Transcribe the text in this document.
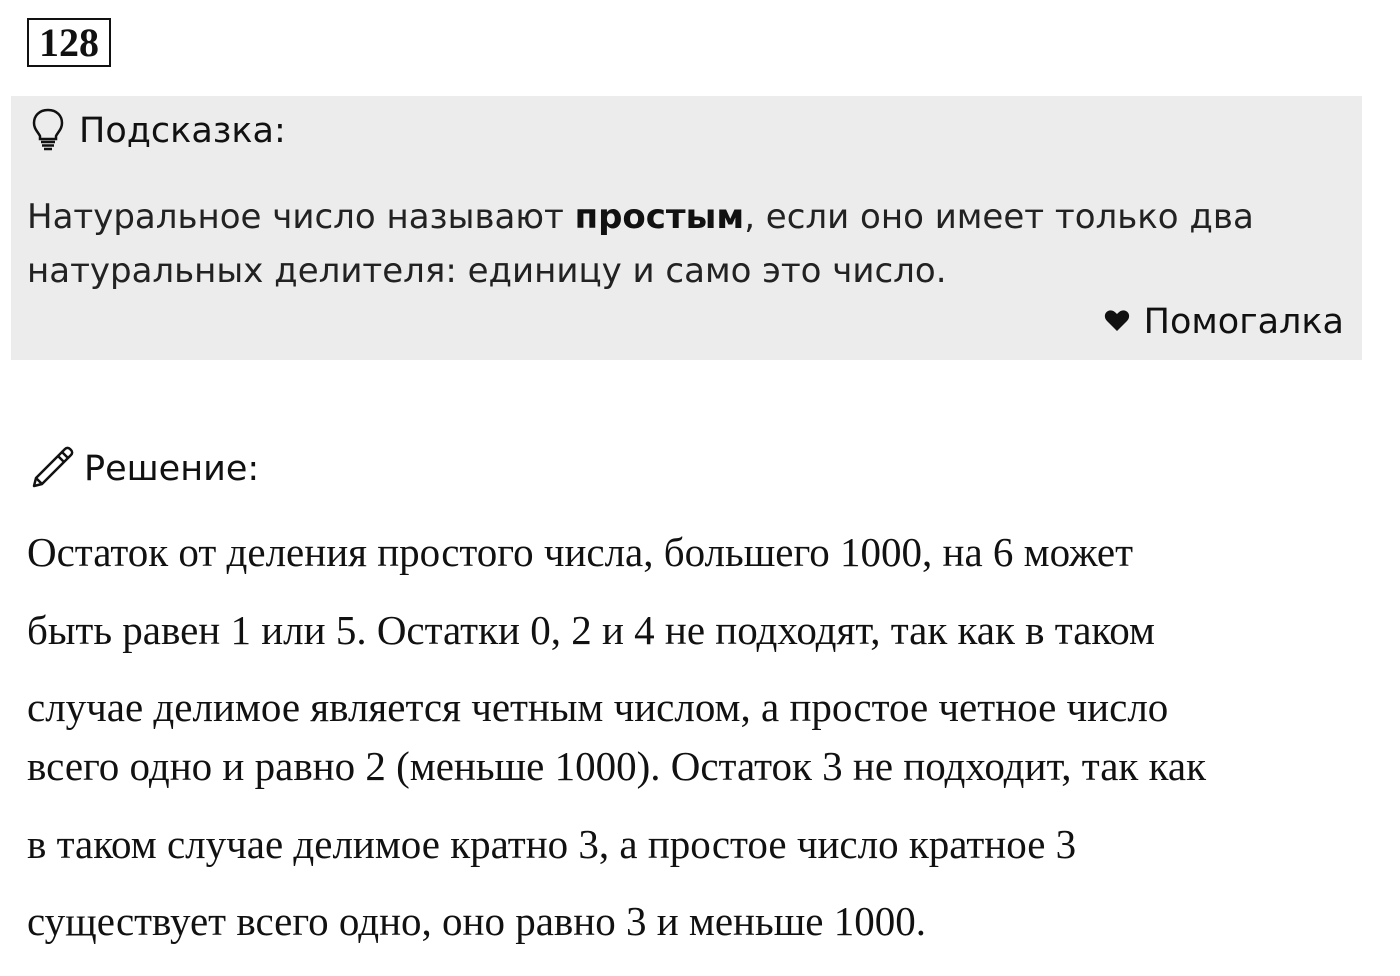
128
Подсказка:
Натуральное число называют простым, если оно имеет только два
натуральных делителя: единицу и само это число.
Помогалка
Решение:
Остаток от деления простого числа, большего 1000, на 6 может
быть равен 1 или 5. Остатки 0, 2 и 4 не подходят, так как в таком
случае делимое является четным числом, а простое четное число
всего одно и равно 2 (меньше 1000). Остаток 3 не подходит, так как
в таком случае делимое кратно 3, а простое число кратное 3
существует всего одно, оно равно 3 и меньше 1000.
